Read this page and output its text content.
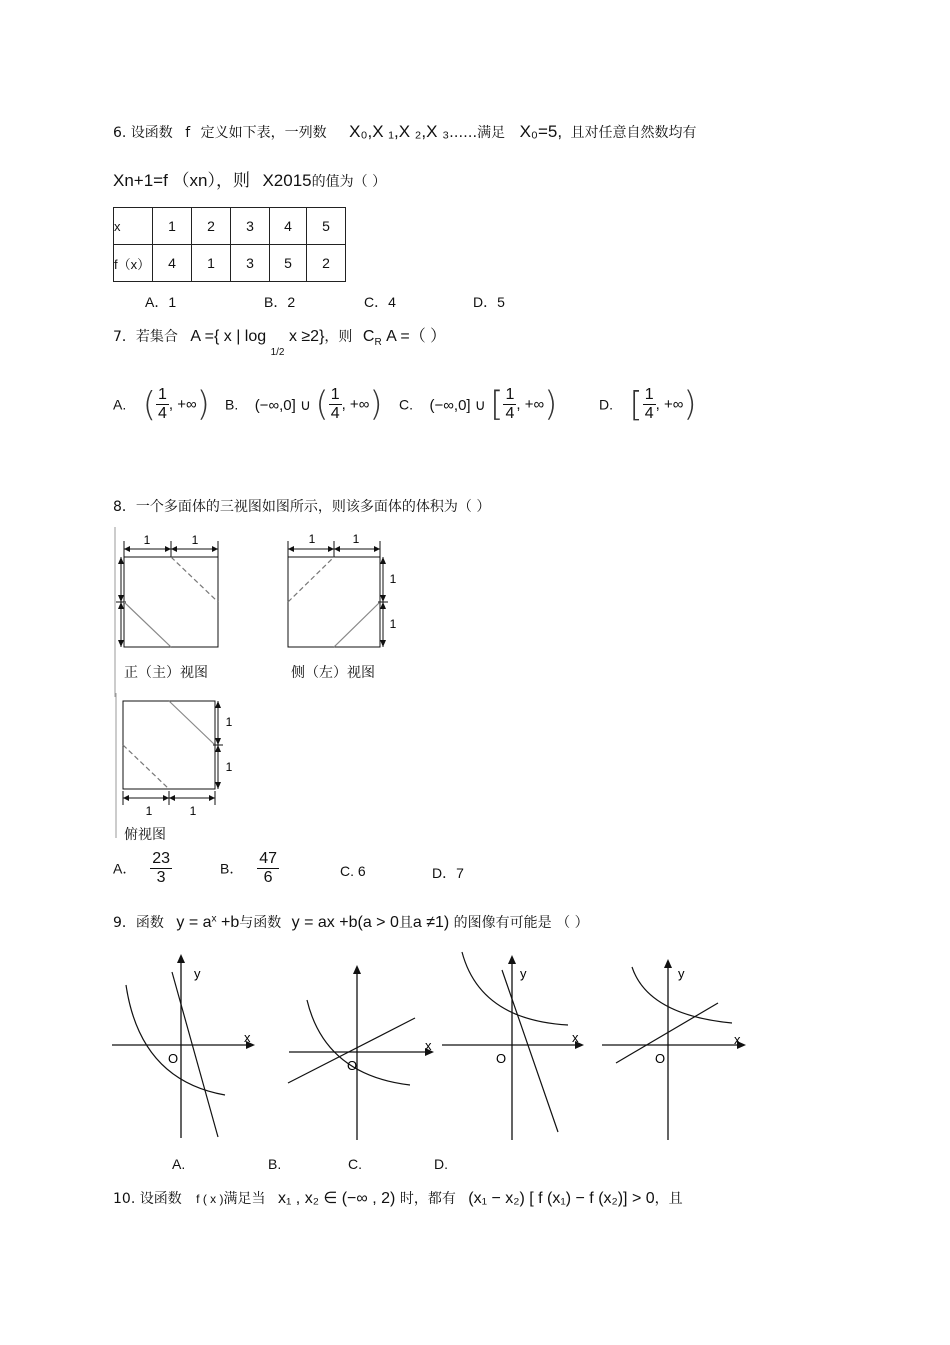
6. 设函数 f 定义如下表，一列数 X₀,X ₁,X ₂,X ₃……满足 X₀=5, 且对任意自然数均有
Xn+1=f （xn），则 X2015的值为（ ）
x	1	2	3	4	5
f（x）	4	1	3	5	2
A．1	B．2	C．4	D．5
7．若集合 A ={ x | log $_{1/2}$ x ≥2}，则 $C_R$ A =（ ）
A. ( $\frac{1}{4}$ , +∞) B. (−∞,0] ∪ ( $\frac{1}{4}$ , +∞) C. (−∞,0] ∪ [ $\frac{1}{4}$ , +∞)	D. [ $\frac{1}{4}$ , +∞)
8．一个多面体的三视图如图所示，则该多面体的体积为（ ）
1	1
正（主）视图
1	1
1
1
侧（左）视图
1
1
1	1
俯视图
A． $\frac{23}{3}$	B． $\frac{47}{6}$	C. 6	D．7
9．函数 $y = a^x +b$与函数 y = ax +b(a > 0且a ≠1) 的图像有可能是 （ ）
y
x
O
x
O
y
x
O
y
x
O
A.	B.	C.	D.
10. 设函数 f ( x )满足当 x₁ , x₂ ∈ (−∞ , 2) 时，都有 (x₁ − x₂) [ f (x₁) − f (x₂)] > 0，且
